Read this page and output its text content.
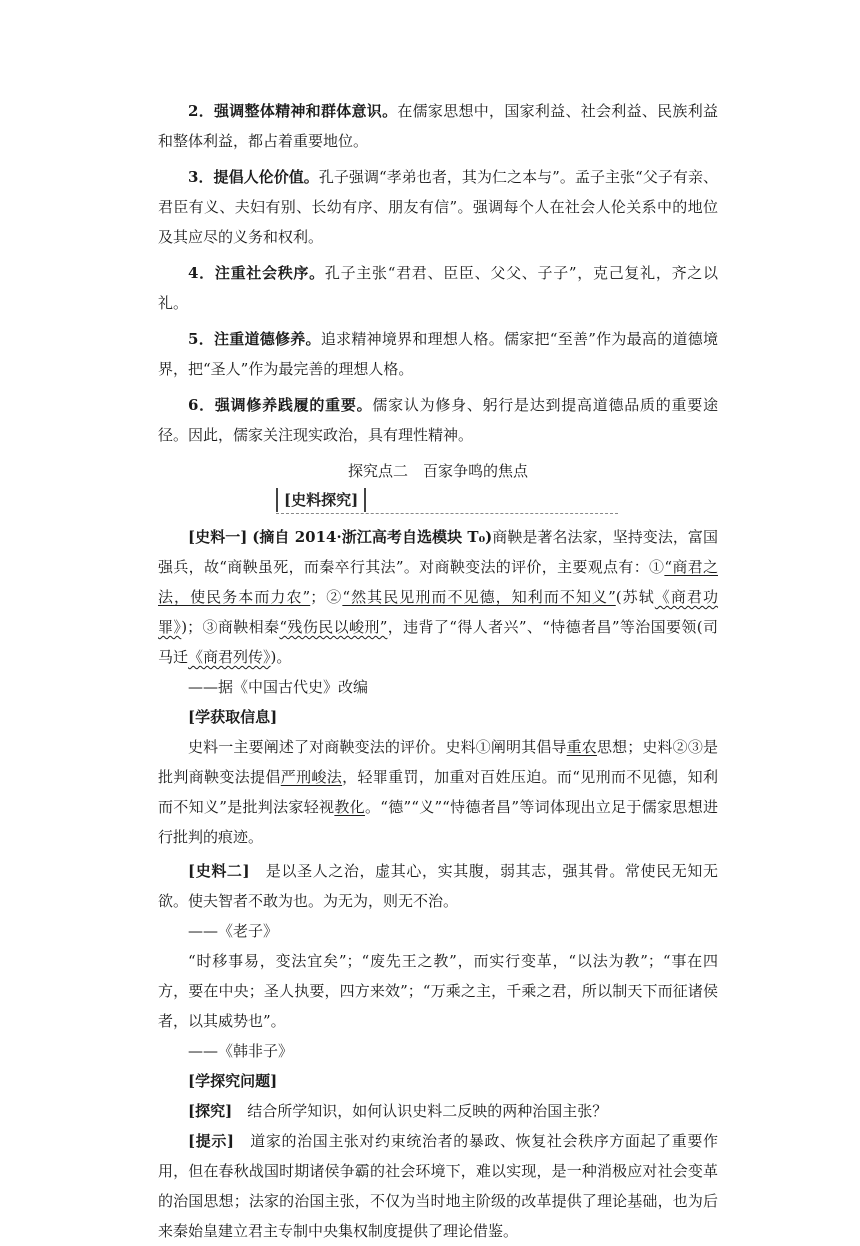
2．强调整体精神和群体意识。在儒家思想中，国家利益、社会利益、民族利益和整体利益，都占着重要地位。

3．提倡人伦价值。孔子强调“孝弟也者，其为仁之本与”。孟子主张“父子有亲、君臣有义、夫妇有别、长幼有序、朋友有信”。强调每个人在社会人伦关系中的地位及其应尽的义务和权利。

4．注重社会秩序。孔子主张“君君、臣臣、父父、子子”，克己复礼，齐之以礼。

5．注重道德修养。追求精神境界和理想人格。儒家把“至善”作为最高的道德境界，把“圣人”作为最完善的理想人格。

6．强调修养践履的重要。儒家认为修身、躬行是达到提高道德品质的重要途径。因此，儒家关注现实政治，具有理性精神。

探究点二　百家争鸣的焦点

[史料探究]

[史料一] (摘自 2014·浙江高考自选模块 T₀)商鞅是著名法家，坚持变法，富国强兵，故“商鞅虽死，而秦卒行其法”。对商鞅变法的评价，主要观点有：①“商君之法，使民务本而力农”；②“然其民见刑而不见德，知利而不知义”(苏轼《商君功罪》)；③商鞅相秦“残伤民以峻刑”，违背了“得人者兴”、“恃德者昌”等治国要领(司马迁《商君列传》)。

——据《中国古代史》改编

[学获取信息]

史料一主要阐述了对商鞅变法的评价。史料①阐明其倡导重农思想；史料②③是批判商鞅变法提倡严刑峻法，轻罪重罚，加重对百姓压迫。而“见刑而不见德，知利而不知义”是批判法家轻视教化。“德”“义”“恃德者昌”等词体现出立足于儒家思想进行批判的痕迹。

[史料二]　 是以圣人之治，虚其心，实其腹，弱其志，强其骨。常使民无知无欲。使夫智者不敢为也。为无为，则无不治。

——《老子》

“时移事易，变法宜矣”；“废先王之教”，而实行变革，“以法为教”；“事在四方，要在中央；圣人执要，四方来效”；“万乘之主，千乘之君，所以制天下而征诸侯者，以其威势也”。

——《韩非子》

[学探究问题]

[探究]　 结合所学知识，如何认识史料二反映的两种治国主张？

[提示]　 道家的治国主张对约束统治者的暴政、恢复社会秩序方面起了重要作用，但在春秋战国时期诸侯争霸的社会环境下，难以实现，是一种消极应对社会变革的治国思想；法家的治国主张，不仅为当时地主阶级的改革提供了理论基础，也为后来秦始皇建立君主专制中央集权制度提供了理论借鉴。
